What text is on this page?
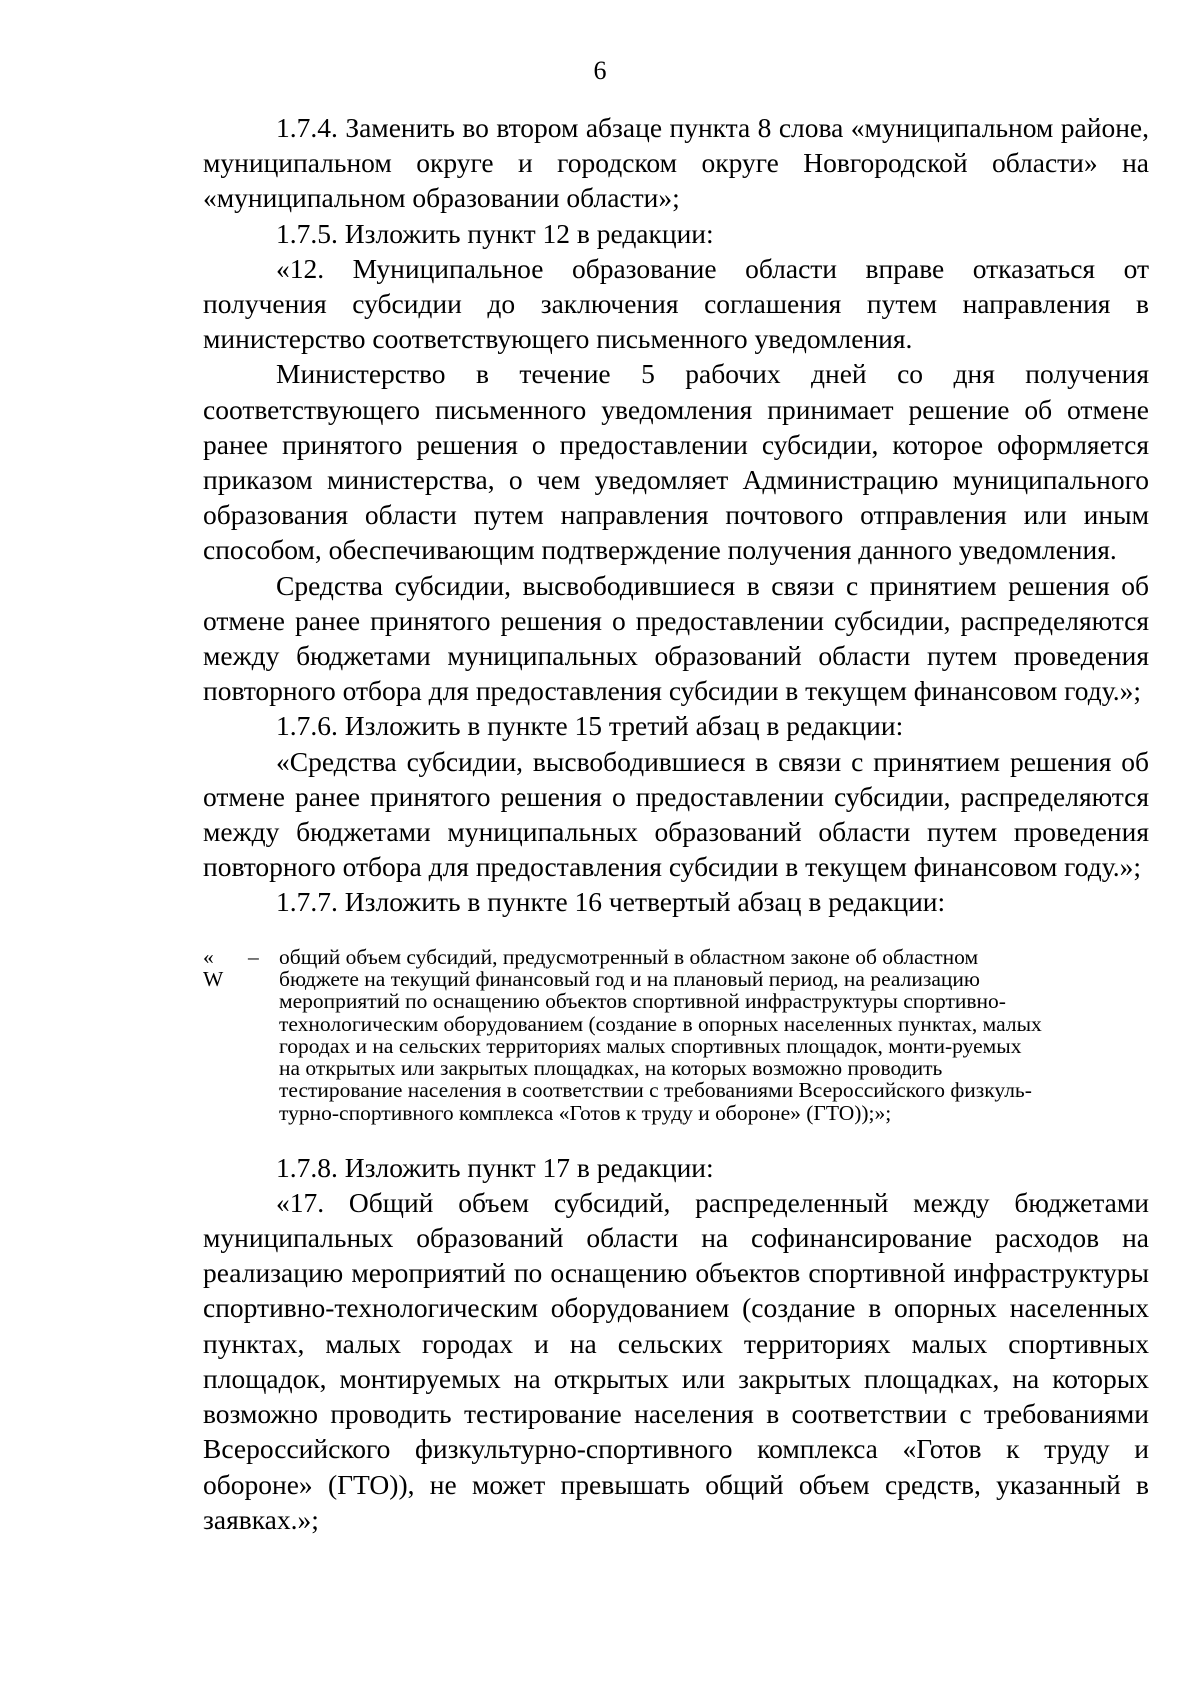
6

1.7.4. Заменить во втором абзаце пункта 8 слова «муниципальном районе, муниципальном округе и городском округе Новгородской области» на «муниципальном образовании области»;

1.7.5. Изложить пункт 12 в редакции:

«12. Муниципальное образование области вправе отказаться от получения субсидии до заключения соглашения путем направления в министерство соответствующего письменного уведомления.

Министерство в течение 5 рабочих дней со дня получения соответствующего письменного уведомления принимает решение об отмене ранее принятого решения о предоставлении субсидии, которое оформляется приказом министерства, о чем уведомляет Администрацию муниципального образования области путем направления почтового отправления или иным способом, обеспечивающим подтверждение получения данного уведомления.

Средства субсидии, высвободившиеся в связи с принятием решения об отмене ранее принятого решения о предоставлении субсидии, распределяются между бюджетами муниципальных образований области путем проведения повторного отбора для предоставления субсидии в текущем финансовом году.»;

1.7.6. Изложить в пункте 15 третий абзац в редакции:

«Средства субсидии, высвободившиеся в связи с принятием решения об отмене ранее принятого решения о предоставлении субсидии, распределяются между бюджетами муниципальных образований области путем проведения повторного отбора для предоставления субсидии в текущем финансовом году.»;

1.7.7. Изложить в пункте 16 четвертый абзац в редакции:

«
W
– общий объем субсидий, предусмотренный в областном законе об областном
бюджете на текущий финансовый год и на плановый период, на реализацию
мероприятий по оснащению объектов спортивной инфраструктуры спортивно-
технологическим оборудованием (создание в опорных населенных пунктах, малых
городах и на сельских территориях малых спортивных площадок, монти-руемых
на открытых или закрытых площадках, на которых возможно проводить
тестирование населения в соответствии с требованиями Всероссийского физкуль-
турно-спортивного комплекса «Готов к труду и обороне» (ГТО));»;

1.7.8. Изложить пункт 17 в редакции:

«17. Общий объем субсидий, распределенный между бюджетами муниципальных образований области на софинансирование расходов на реализацию мероприятий по оснащению объектов спортивной инфраструктуры спортивно-технологическим оборудованием (создание в опорных населенных пунктах, малых городах и на сельских территориях малых спортивных площадок, монтируемых на открытых или закрытых площадках, на которых возможно проводить тестирование населения в соответствии с требованиями Всероссийского физкультурно-спортивного комплекса «Готов к труду и обороне» (ГТО)), не может превышать общий объем средств, указанный в заявках.»;
